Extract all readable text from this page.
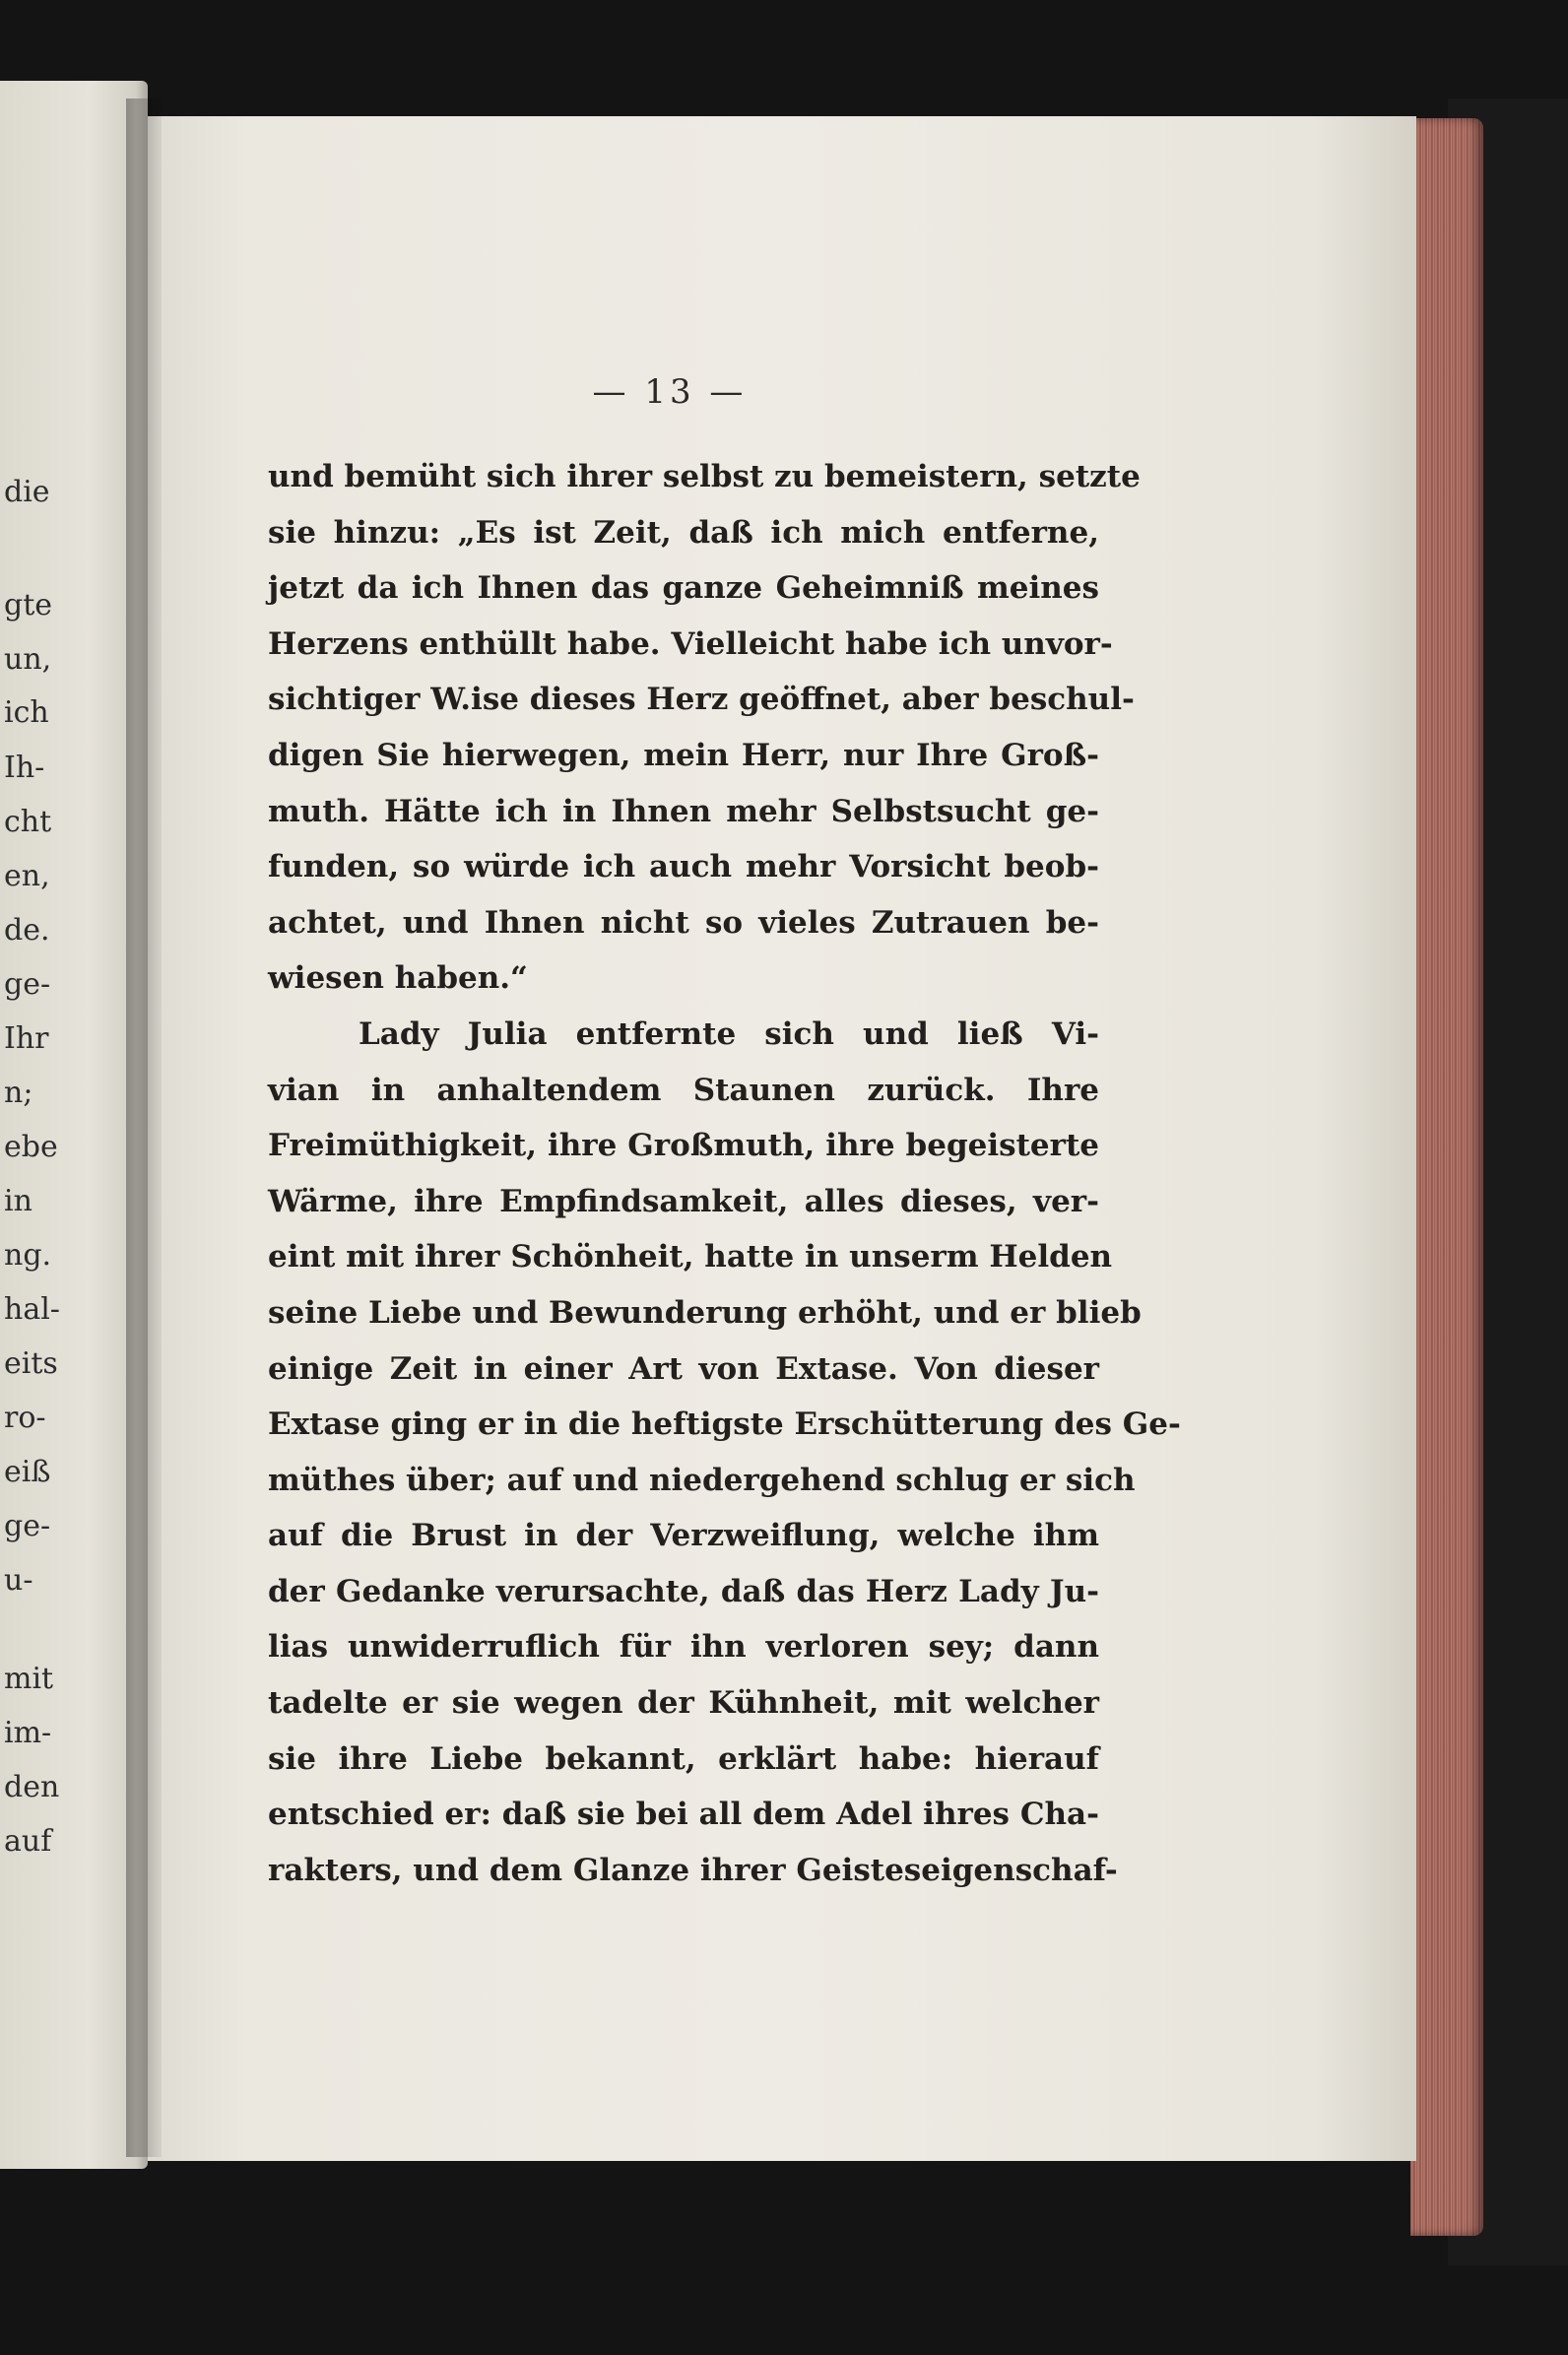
die
gte
un,
ich
Ih-
cht
en,
de.
ge-
Ihr
n;
ebe
in
ng.
hal-
eits
ro-
eiß
ge-
u-
mit
im-
den
auf
— 13 —
und bemüht sich ihrer selbst zu bemeistern, setzte
sie hinzu: „Es ist Zeit, daß ich mich entferne,
jetzt da ich Ihnen das ganze Geheimniß meines
Herzens enthüllt habe. Vielleicht habe ich unvor-
sichtiger W.ise dieses Herz geöffnet, aber beschul-
digen Sie hierwegen, mein Herr, nur Ihre Groß-
muth. Hätte ich in Ihnen mehr Selbstsucht ge-
funden, so würde ich auch mehr Vorsicht beob-
achtet, und Ihnen nicht so vieles Zutrauen be-
wiesen haben.“
Lady Julia entfernte sich und ließ Vi-
vian in anhaltendem Staunen zurück. Ihre
Freimüthigkeit, ihre Großmuth, ihre begeisterte
Wärme, ihre Empfindsamkeit, alles dieses, ver-
eint mit ihrer Schönheit, hatte in unserm Helden
seine Liebe und Bewunderung erhöht, und er blieb
einige Zeit in einer Art von Extase. Von dieser
Extase ging er in die heftigste Erschütterung des Ge-
müthes über; auf und niedergehend schlug er sich
auf die Brust in der Verzweiflung, welche ihm
der Gedanke verursachte, daß das Herz Lady Ju-
lias unwiderruflich für ihn verloren sey; dann
tadelte er sie wegen der Kühnheit, mit welcher
sie ihre Liebe bekannt, erklärt habe: hierauf
entschied er: daß sie bei all dem Adel ihres Cha-
rakters, und dem Glanze ihrer Geisteseigenschaf-
